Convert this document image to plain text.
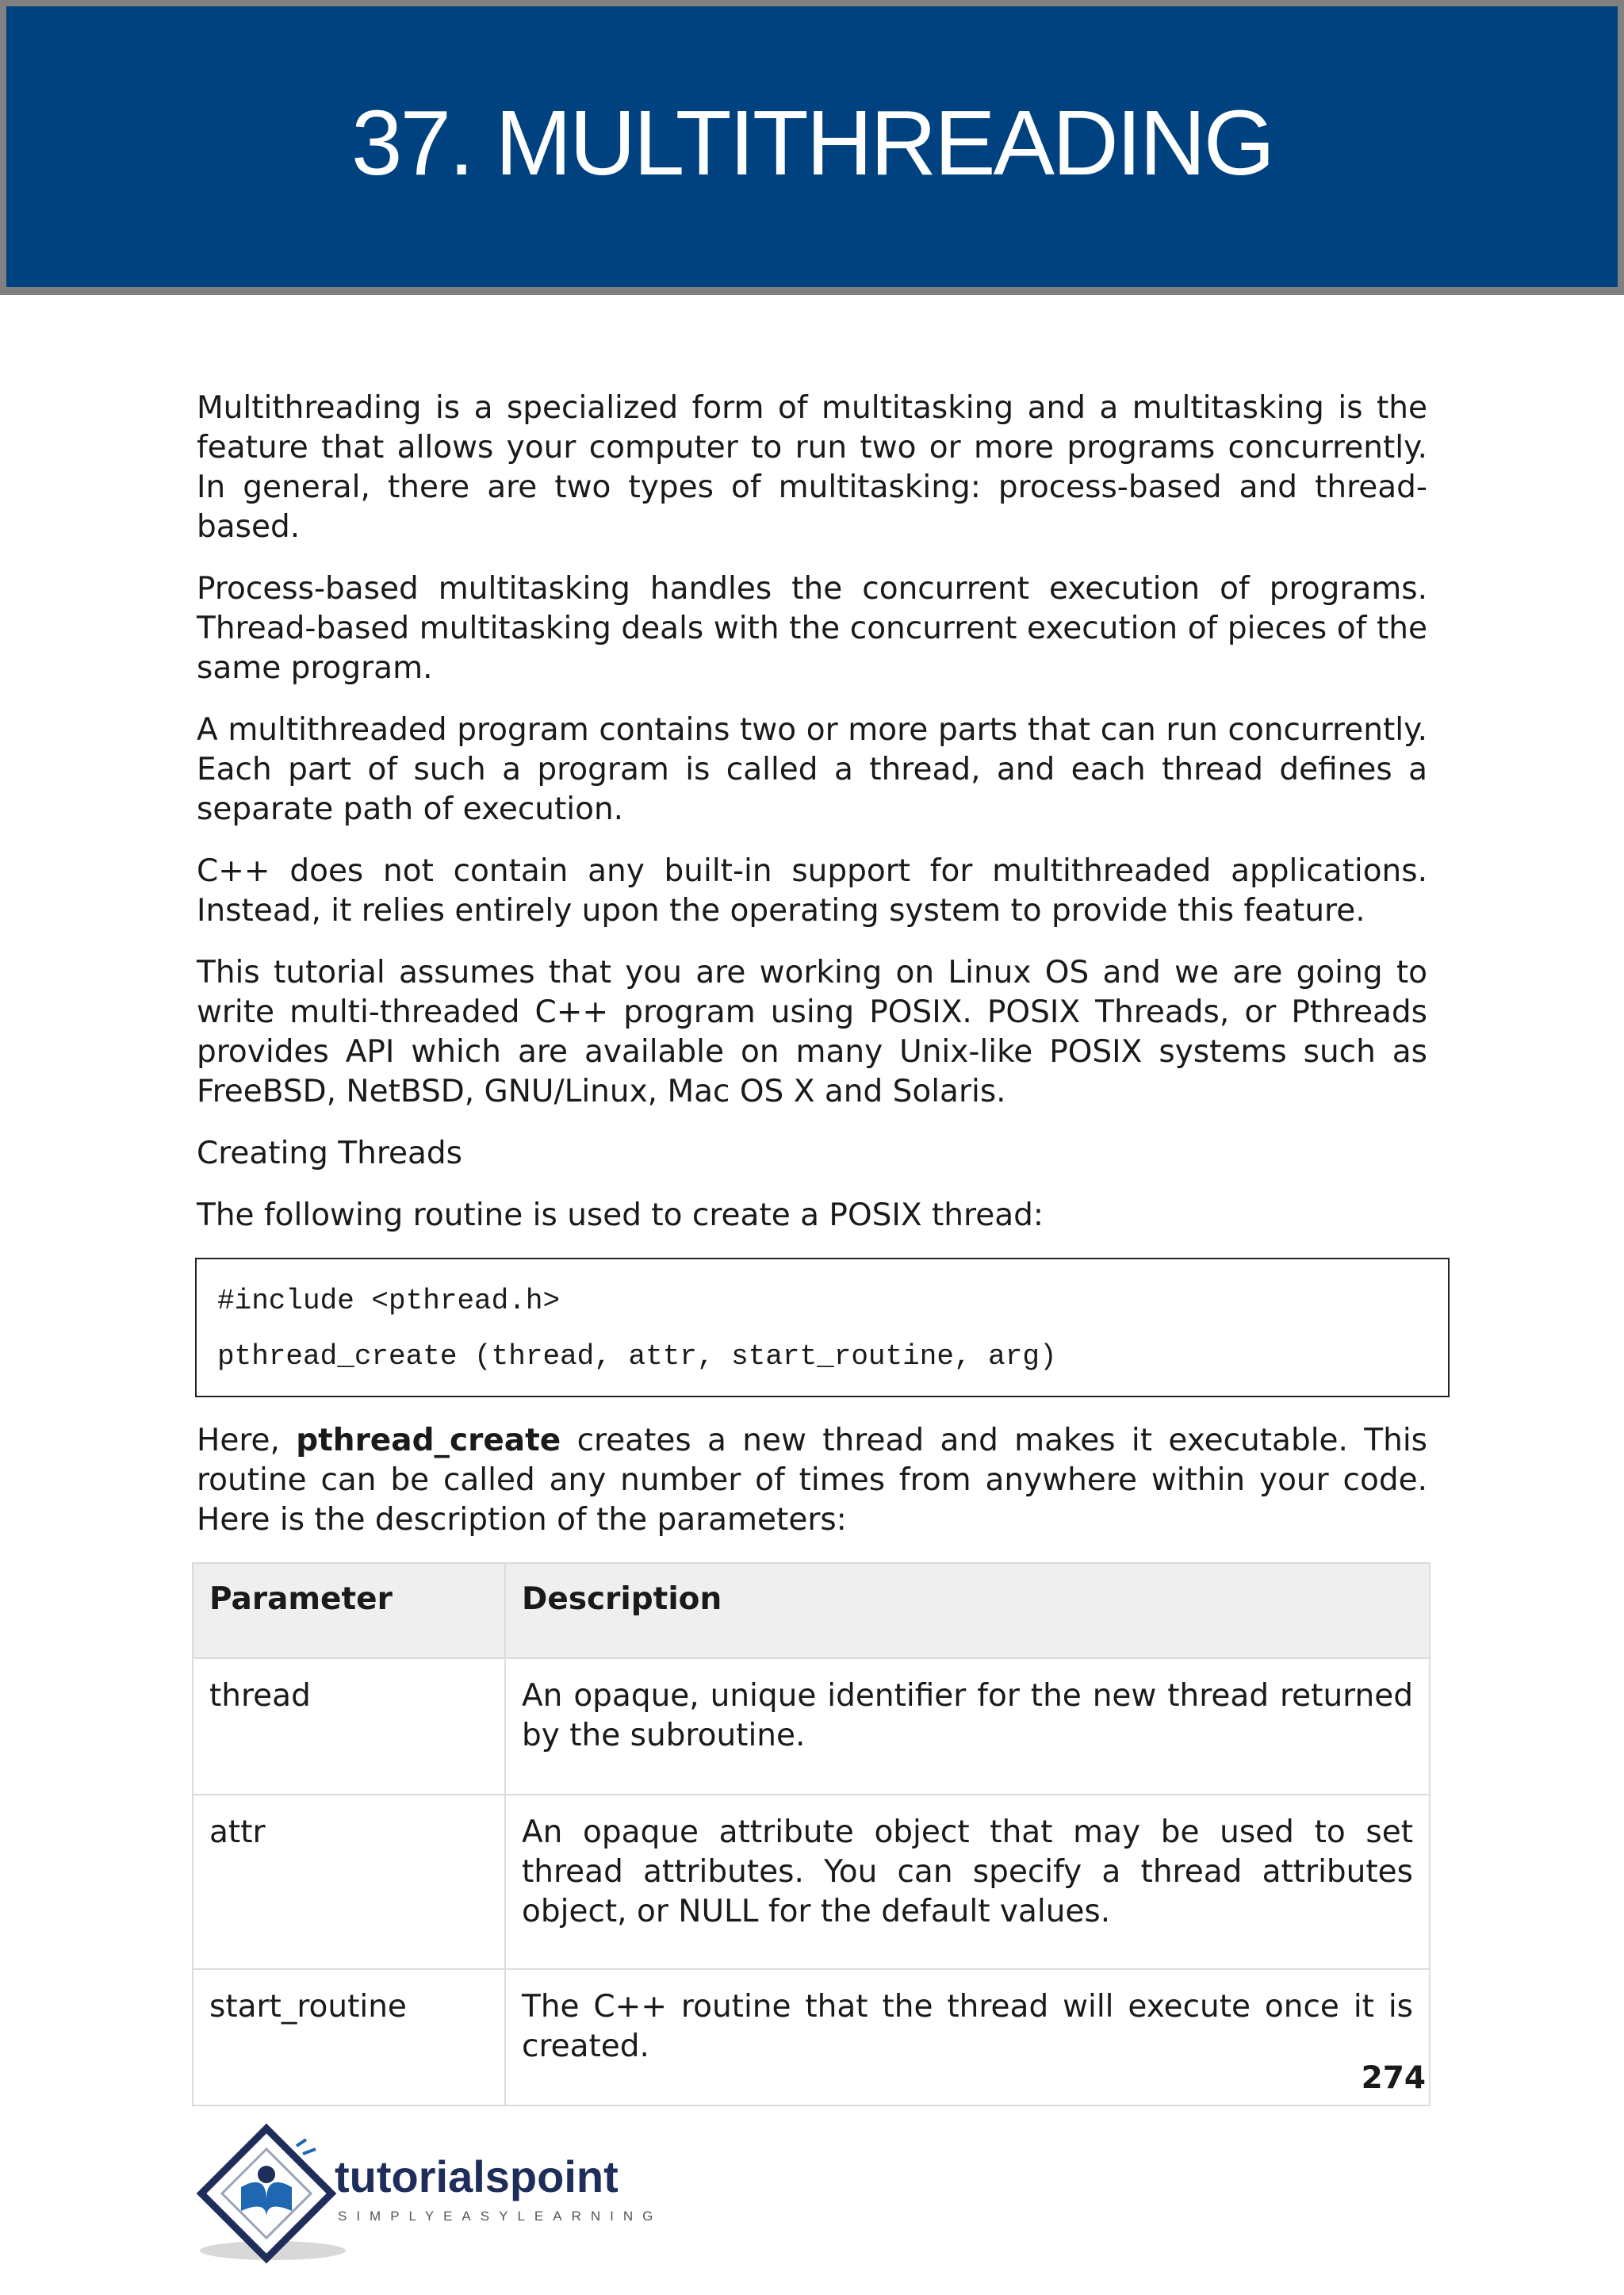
37. MULTITHREADING

Multithreading is a specialized form of multitasking and a multitasking is the feature that allows your computer to run two or more programs concurrently. In general, there are two types of multitasking: process-based and thread-based.

Process-based multitasking handles the concurrent execution of programs. Thread-based multitasking deals with the concurrent execution of pieces of the same program.

A multithreaded program contains two or more parts that can run concurrently. Each part of such a program is called a thread, and each thread defines a separate path of execution.

C++ does not contain any built-in support for multithreaded applications. Instead, it relies entirely upon the operating system to provide this feature.

This tutorial assumes that you are working on Linux OS and we are going to write multi-threaded C++ program using POSIX. POSIX Threads, or Pthreads provides API which are available on many Unix-like POSIX systems such as FreeBSD, NetBSD, GNU/Linux, Mac OS X and Solaris.

Creating Threads

The following routine is used to create a POSIX thread:

#include <pthread.h>
pthread_create (thread, attr, start_routine, arg)

Here, pthread_create creates a new thread and makes it executable. This routine can be called any number of times from anywhere within your code. Here is the description of the parameters:

Parameter	Description
thread	An opaque, unique identifier for the new thread returned by the subroutine.
attr	An opaque attribute object that may be used to set thread attributes. You can specify a thread attributes object, or NULL for the default values.
start_routine	The C++ routine that the thread will execute once it is created.
274
tutorialspoint
SIMPLYEASYLEARNING
